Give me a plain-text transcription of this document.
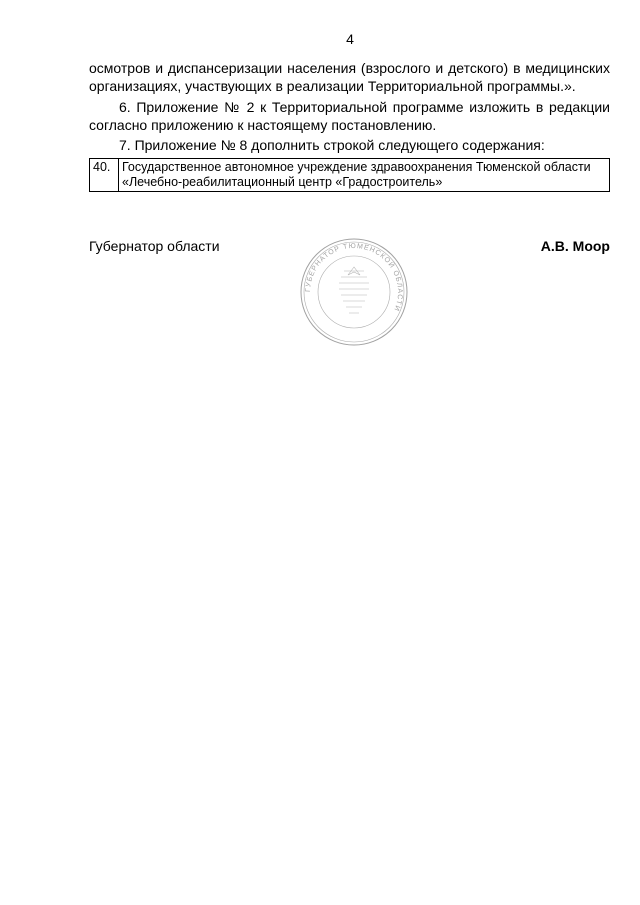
4
осмотров и диспансеризации населения (взрослого и детского) в медицинских организациях, участвующих в реализации Территориальной программы.».
6. Приложение № 2 к Территориальной программе изложить в редакции согласно приложению к настоящему постановлению.
7. Приложение № 8 дополнить строкой следующего содержания:
40.	Государственное автономное учреждение здравоохранения Тюменской области «Лечебно-реабилитационный центр «Градостроитель»
Губернатор области	А.В. Моор
ГУБЕРНАТОР ТЮМЕНСКОЙ ОБЛАСТИ
